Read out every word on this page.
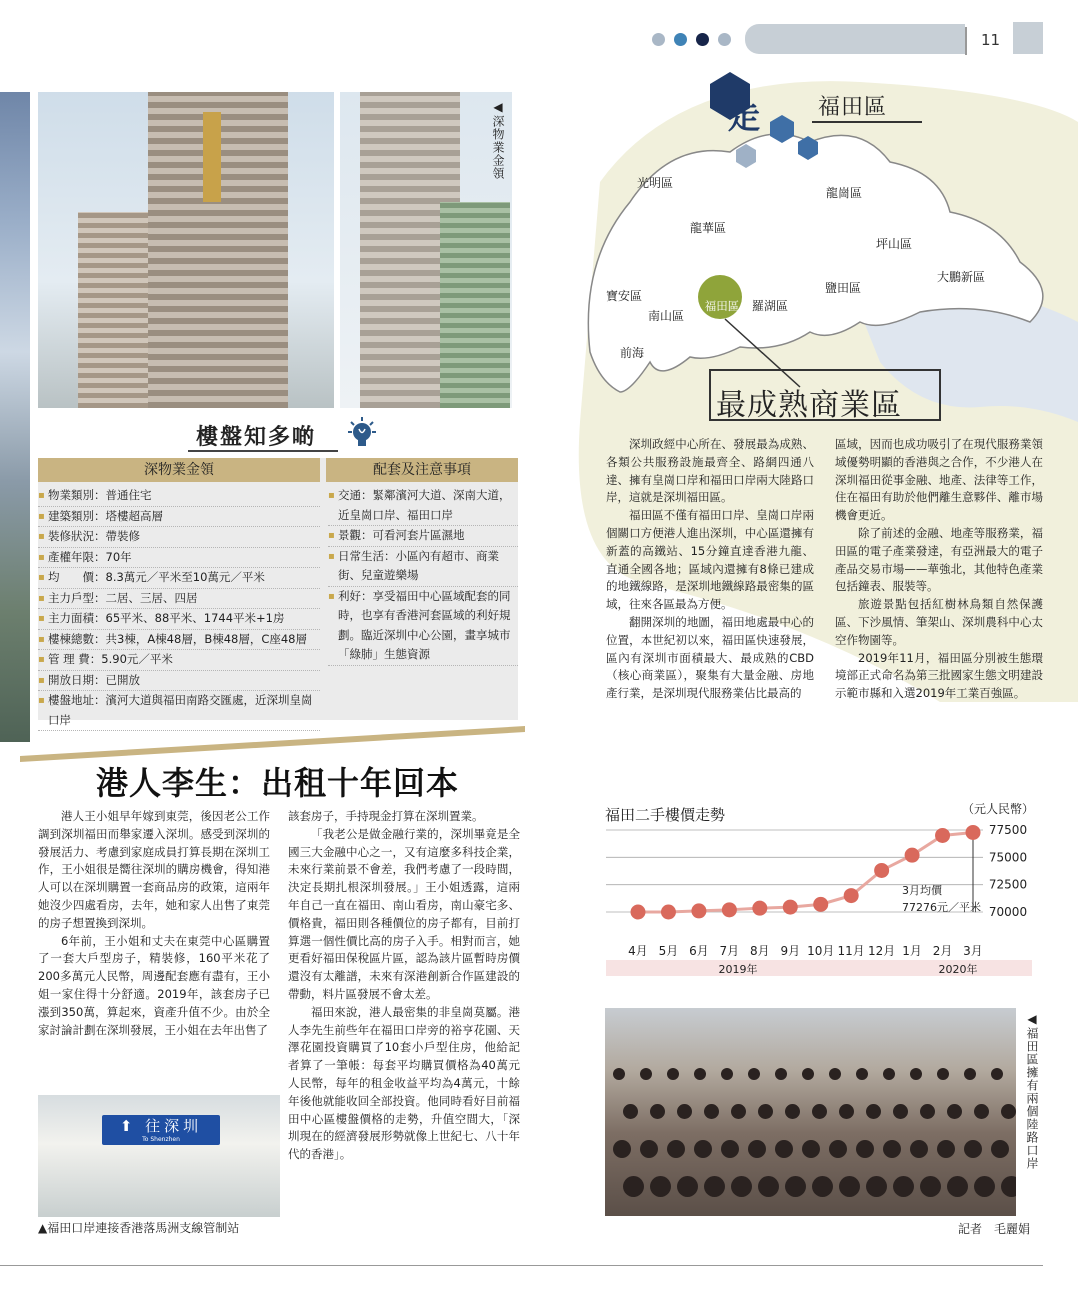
11
◀深物業金領
樓盤知多啲
深物業金領	配套及注意事項
▪ 物業類別：普通住宅
▪ 建築類別：塔樓超高層
▪ 裝修狀況：帶裝修
▪ 產權年限：70年
▪ 均　　價：8.3萬元／平米至10萬元／平米
▪ 主力戶型：二居、三居、四居
▪ 主力面積：65平米、88平米、1744平米+1房
▪ 樓棟總數：共3棟，A棟48層，B棟48層，C座48層
▪ 管 理 費：5.90元／平米
▪ 開放日期：已開放
▪ 樓盤地址：濱河大道與福田南路交匯處，近深圳皇崗口岸
▪ 交通：緊鄰濱河大道、深南大道，近皇崗口岸、福田口岸
▪ 景觀：可看河套片區濕地
▪ 日常生活：小區內有超市、商業街、兒童遊樂場
▪ 利好：享受福田中心區域配套的同時，也享有香港河套區域的利好規劃。臨近深圳中心公園，畫享城市「綠肺」生態資源
港人李生：出租十年回本

港人王小姐早年嫁到東莞，後因老公工作調到深圳福田而舉家遷入深圳。感受到深圳的發展活力、考慮到家庭成員打算長期在深圳工作，王小姐很是嚮往深圳的購房機會，得知港人可以在深圳購置一套商品房的政策，這兩年她沒少四處看房，去年，她和家人出售了東莞的房子想置換到深圳。

6年前，王小姐和丈夫在東莞中心區購置了一套大戶型房子，精裝修，160平米花了200多萬元人民幣，周邊配套應有盡有，王小姐一家住得十分舒適。2019年，該套房子已漲到350萬，算起來，資產升值不少。由於全家討論計劃在深圳發展，王小姐在去年出售了

該套房子，手持現金打算在深圳置業。

「我老公是做金融行業的，深圳畢竟是全國三大金融中心之一，又有這麼多科技企業，未來行業前景不會差，我們考慮了一段時間，決定長期扎根深圳發展。」王小姐透露，這兩年自己一直在福田、南山看房，南山豪宅多、價格貴，福田則各種價位的房子都有，目前打算選一個性價比高的房子入手。相對而言，她更看好福田保稅區片區，認為該片區暫時房價還沒有太離譜，未來有深港創新合作區建設的帶動，料片區發展不會太差。

福田來說，港人最密集的非皇崗莫屬。港人李先生前些年在福田口岸旁的裕亨花園、天澤花園投資購買了10套小戶型住房，他給記者算了一筆帳：每套平均購買價格為40萬元人民幣，每年的租金收益平均為4萬元，十餘年後他就能收回全部投資。他同時看好目前福田中心區樓盤價格的走勢，升值空間大，「深圳現在的經濟發展形勢就像上世紀七、八十年代的香港」。

⬆ 往深圳
To Shenzhen
▲福田口岸連接香港落馬洲支線管制站
走
進
福田區
光明區
龍崗區
龍華區
坪山區
大鵬新區
鹽田區
寶安區
南山區
福田區	羅湖區
前海
最成熟商業區

深圳政經中心所在、發展最為成熟、各類公共服務設施最齊全、路網四通八達、擁有皇崗口岸和福田口岸兩大陸路口岸，這就是深圳福田區。

福田區不僅有福田口岸、皇崗口岸兩個關口方便港人進出深圳，中心區還擁有新蓋的高鐵站、15分鐘直達香港九龍、直通全國各地；區域內還擁有8條已建成的地鐵線路，是深圳地鐵線路最密集的區域，往來各區最為方便。

翻開深圳的地圖，福田地處最中心的位置，本世紀初以來，福田區快速發展，區內有深圳市面積最大、最成熟的CBD（核心商業區），聚集有大量金融、房地產行業，是深圳現代服務業佔比最高的

區域，因而也成功吸引了在現代服務業領域優勢明顯的香港與之合作，不少港人在深圳福田從事金融、地產、法律等工作，住在福田有助於他們離生意夥伴、離市場機會更近。

除了前述的金融、地產等服務業，福田區的電子產業發達，有亞洲最大的電子產品交易市場——華強北，其他特色產業包括鐘表、服裝等。

旅遊景點包括紅樹林鳥類自然保護區、下沙風情、筆架山、深圳農科中心太空作物園等。

2019年11月，福田區分別被生態環境部正式命名為第三批國家生態文明建設示範市縣和入選2019年工業百強區。

福田二手樓價走勢	（元人民幣）
70000
72500
75000
77500
4月 5月 6月 7月 8月 9月 10月 11月 12月 1月 2月 3月
2019年	2020年
3月均價
77276元／平米
◀福田區擁有兩個陸路口岸
記者　毛麗娟
